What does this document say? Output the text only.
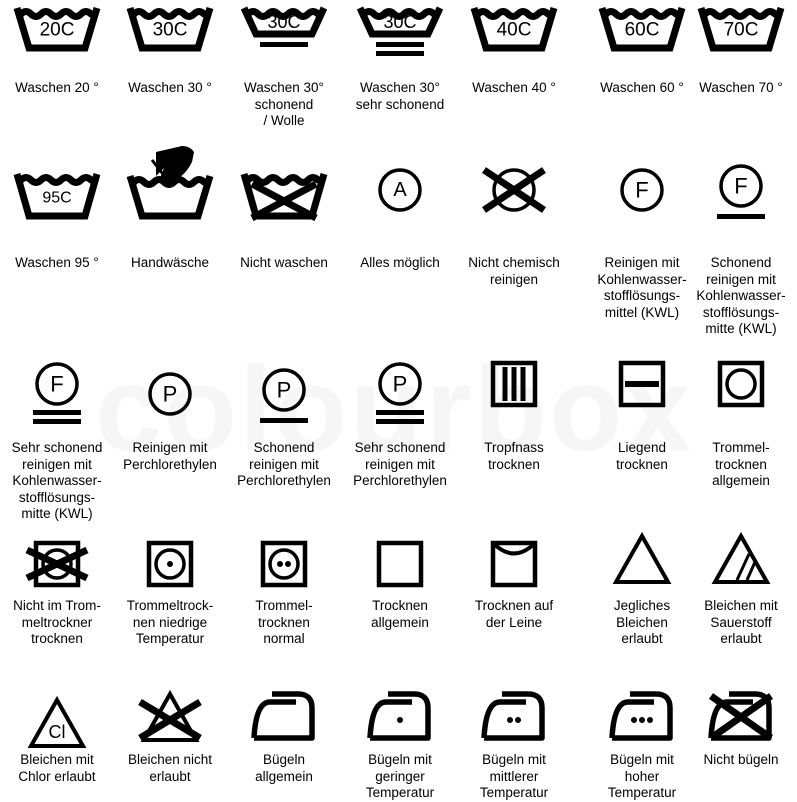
20C
Waschen 20 °
30C
Waschen 30 °
30C
Waschen 30°
schonend
/ Wolle
30C
Waschen 30°
sehr schonend
40C
Waschen 40 °
60C
Waschen 60 °
70C
Waschen 70 °
95C
Waschen 95 °	Handwäsche	Nicht waschen
A
Alles möglich	Nicht chemisch
reinigen
F
Reinigen mit
Kohlenwasser-
stofflösungs-
mittel (KWL)
F
Schonend
reinigen mit
Kohlenwasser-
stofflösungs-
mitte (KWL)
F
Sehr schonend
reinigen mit
Kohlenwasser-
stofflösungs-
mitte (KWL)
P
Reinigen mit
Perchlorethylen
P
Schonend
reinigen mit
Perchlorethylen
P
Sehr schonend
reinigen mit
Perchlorethylen
Tropfnass
trocknen
Liegend
trocknen
Trommel-
trocknen
allgemein
Nicht im Trom-
meltrockner
trocknen
Trommeltrock-
nen niedrige
Temperatur
Trommel-
trocknen
normal
Trocknen
allgemein
Trocknen auf
der Leine
Jegliches
Bleichen
erlaubt
Bleichen mit
Sauerstoff
erlaubt
Cl
Bleichen mit
Chlor erlaubt
Bleichen nicht
erlaubt
Bügeln
allgemein
Bügeln mit
geringer
Temperatur
Bügeln mit
mittlerer
Temperatur
Bügeln mit
hoher
Temperatur
Nicht bügeln
